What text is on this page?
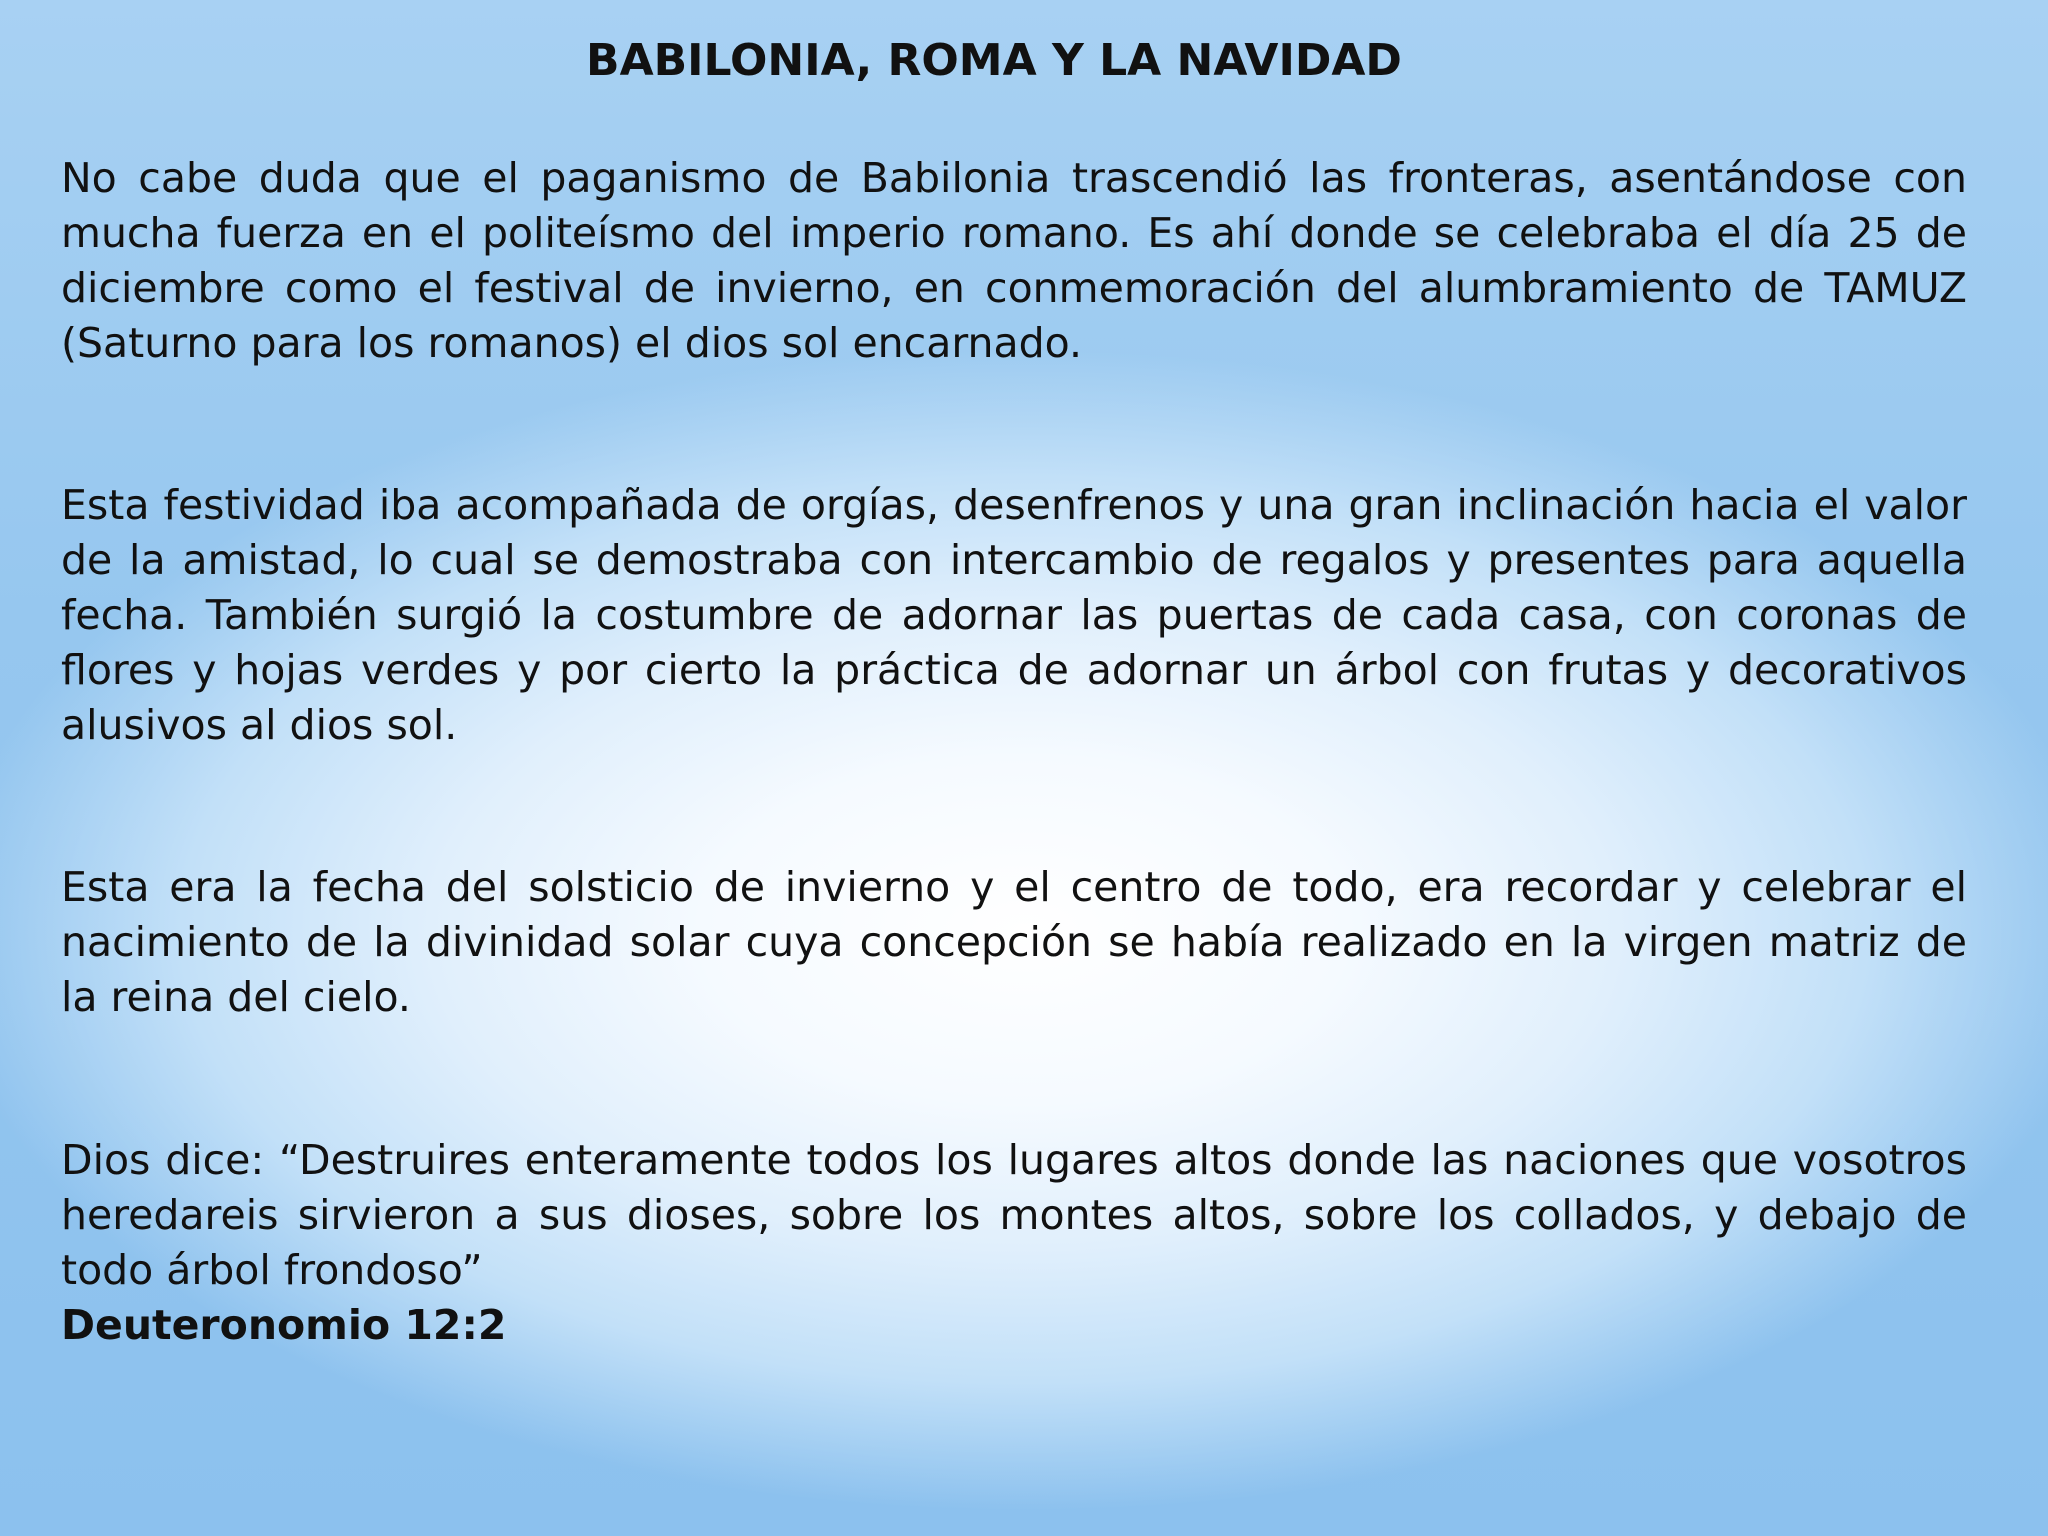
BABILONIA, ROMA Y LA NAVIDAD

No cabe duda que el paganismo de Babilonia trascendió las fronteras, asentándose con mucha fuerza en el politeísmo del imperio romano. Es ahí donde se celebraba el día 25 de diciembre como el festival de invierno, en conmemoración del alumbramiento de TAMUZ (Saturno para los romanos) el dios sol encarnado.

Esta festividad iba acompañada de orgías, desenfrenos y una gran inclinación hacia el valor de la amistad, lo cual se demostraba con intercambio de regalos y presentes para aquella fecha. También surgió la costumbre de adornar las puertas de cada casa, con coronas de flores y hojas verdes y por cierto la práctica de adornar un árbol con frutas y decorativos alusivos al dios sol.

Esta era la fecha del solsticio de invierno y el centro de todo, era recordar y celebrar el nacimiento de la divinidad solar cuya concepción se había realizado en la virgen matriz de la reina del cielo.

Dios dice: “Destruires enteramente todos los lugares altos donde las naciones que vosotros heredareis sirvieron a sus dioses, sobre los montes altos, sobre los collados, y debajo de todo árbol frondoso”
Deuteronomio 12:2
